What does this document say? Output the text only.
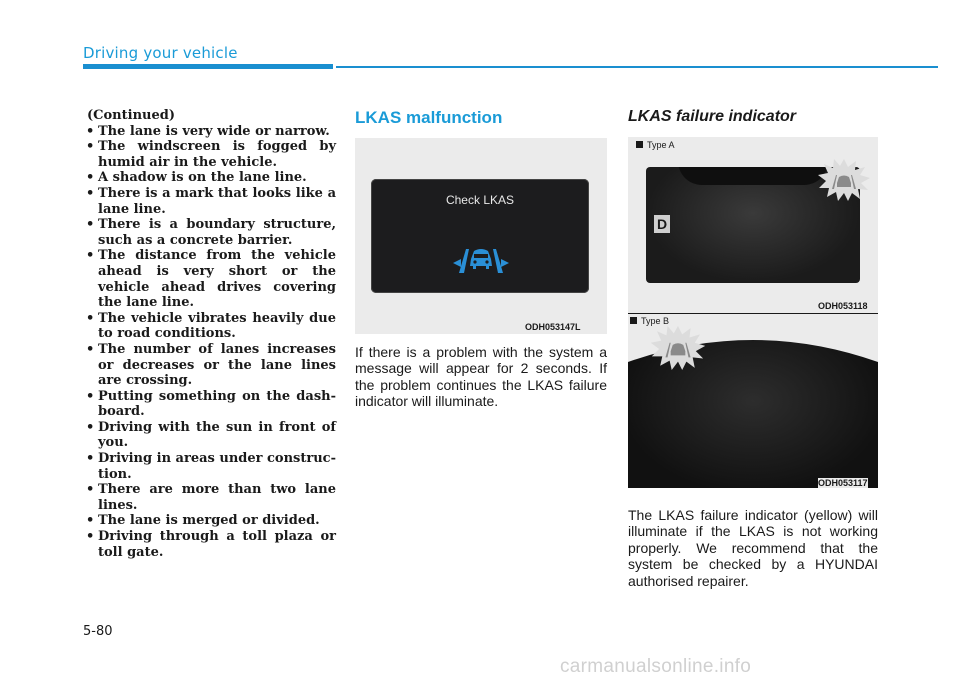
Driving your vehicle
(Continued)
• The lane is very wide or narrow.
• The windscreen is fogged by humid air in the vehicle.
• A shadow is on the lane line.
• There is a mark that looks like a lane line.
• There is a boundary structure, such as a concrete barrier.
• The distance from the vehicle ahead is very short or the vehicle ahead drives covering the lane line.
• The vehicle vibrates heavily due to road conditions.
• The number of lanes increases or decreases or the lane lines are crossing.
• Putting something on the dash-board.
• Driving with the sun in front of you.
• Driving in areas under construc-tion.
• There are more than two lane lines.
• The lane is merged or divided.
• Driving through a toll plaza or toll gate.
LKAS malfunction
Check LKAS
ODH053147L
If there is a problem with the system a message will appear for 2 seconds. If the problem continues the LKAS failure indicator will illuminate.
LKAS failure indicator
Type A
D
ODH053118
Type B
ODH053117
The LKAS failure indicator (yellow) will illuminate if the LKAS is not working properly. We recommend that the system be checked by a HYUNDAI authorised repairer.
5-80
carmanualsonline.info
